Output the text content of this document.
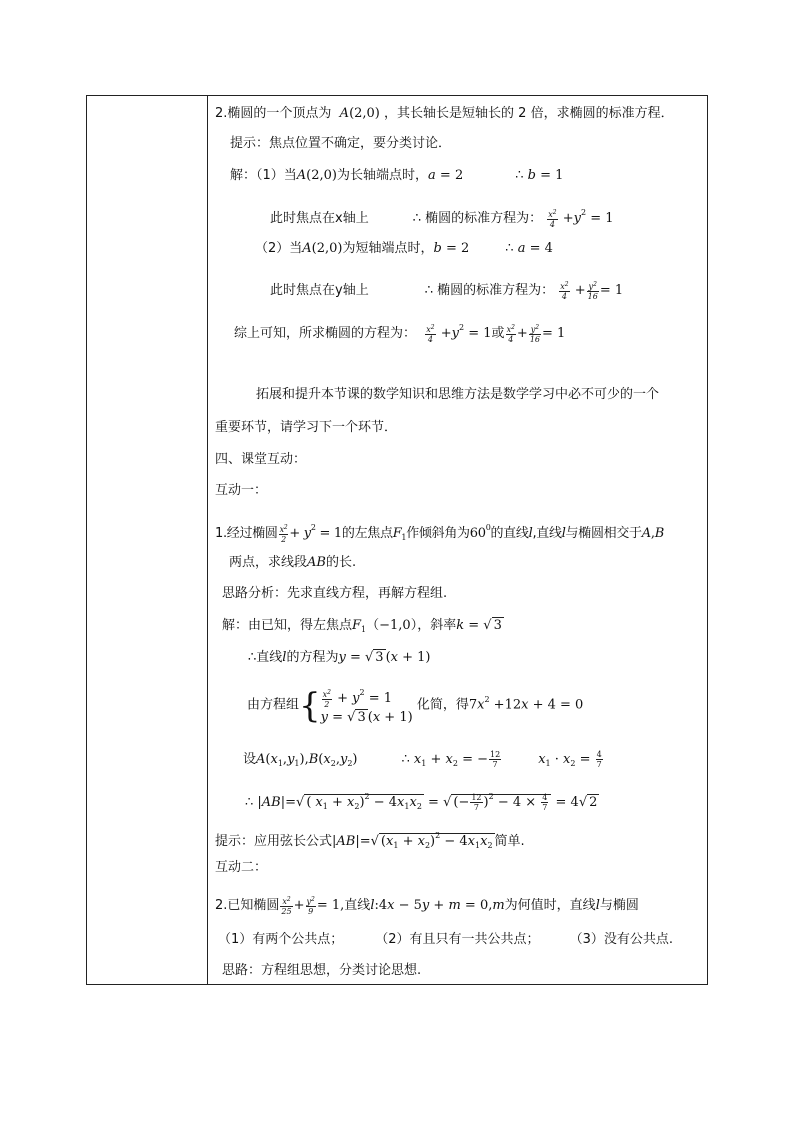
2.椭圆的一个顶点为 A(2,0) ，其长轴长是短轴长的 2 倍，求椭圆的标准方程．
提示：焦点位置不确定，要分类讨论．
解：（1）当A(2,0)为长轴端点时，a = 2	∴ b = 1
此时焦点在x轴上	∴ 椭圆的标准方程为： $\frac{x^2}{4} +y^2 = 1$
（2）当A(2,0)为短轴端点时，b = 2	∴ a = 4
此时焦点在y轴上	∴ 椭圆的标准方程为： $\frac{x^2}{4} + \frac{y^2}{16} = 1$
综上可知，所求椭圆的方程为： $\frac{x^2}{4} +y^2 = 1$或 $\frac{x^2}{4} + \frac{y^2}{16} = 1$
拓展和提升本节课的数学知识和思维方法是数学学习中必不可少的一个
重要环节，请学习下一个环节．
四、课堂互动：
互动一：
1.经过椭圆 $\frac{x^2}{2} + y^2 = 1$的左焦点$F_1$作倾斜角为$60^0$的直线l,直线l与椭圆相交于A,B
两点，求线段AB的长.
思路分析：先求直线方程，再解方程组.
解：由已知，得左焦点$F_1(-1,0)$，斜率k = √ 3
∴直线l的方程为y = √ 3 (x + 1)
由方程组{ $\frac{x^2}{2} + y^2 = 1$
y = √ 3 (x + 1)
化简，得$7x^2 +12x + 4 = 0$
设$A(x_1,y_1),B(x_2,y_2)$	∴ $x_1 + x_2$ = − $\frac{12}{7}$	$x_1 \cdot x_2 = \frac{4}{7}$
∴ |AB|=√ ( $x_1 + x_2)^2 - 4x_1x_2$ = √ (− $\frac{12}{7} )^2 - 4 \times \frac{4}{7} = 4√$ 2
提示：应用弦长公式|AB|=√ $(x_1 + x_2)^2 - 4x_1x_2$ 简单.
互动二：
2.已知椭圆 $\frac{x^2}{25} + \frac{y^2}{9} = 1$,直线l:4x − 5y + m = 0,m为何值时，直线l与椭圆
（1）有两个公共点； （2）有且只有一共公共点； （3）没有公共点.
思路：方程组思想，分类讨论思想.
